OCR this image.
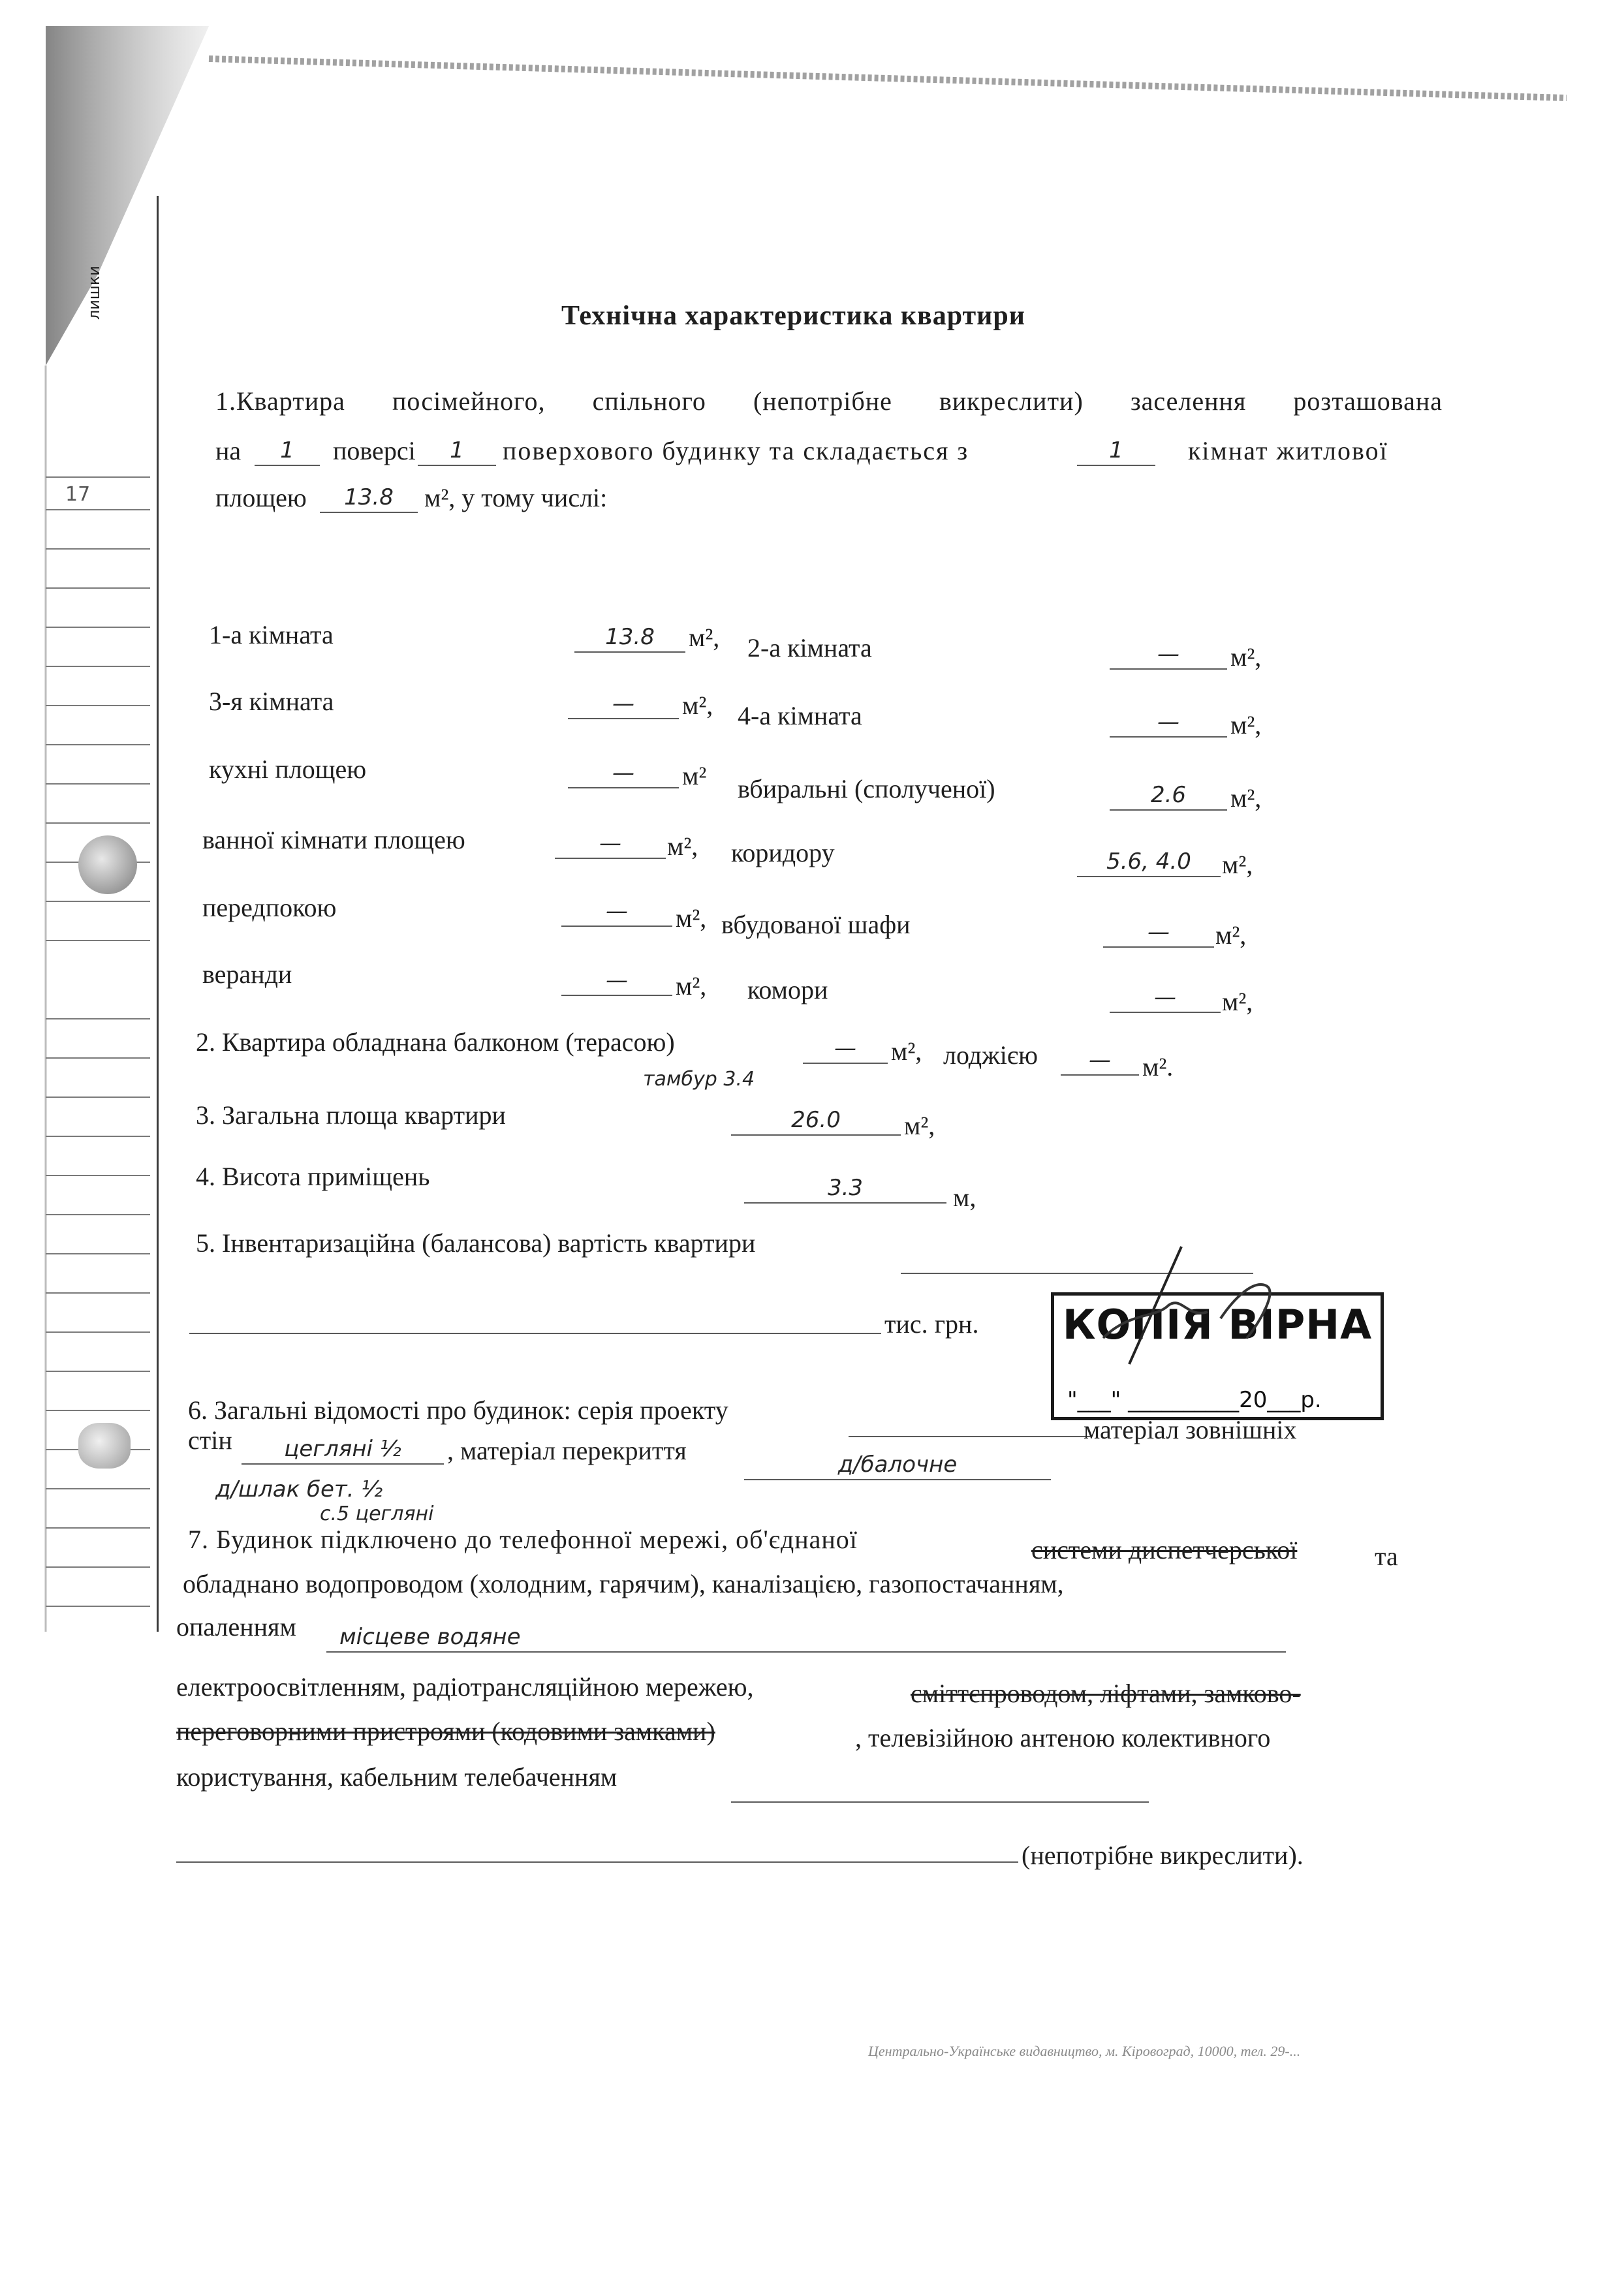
лишки
17
Технічна характеристика квартири
1.Квартира посімейного, спільного (непотрібне викреслити) заселення розташована
на	1	поверсі	1	поверхового будинку та складається з	1	кімнат житлової
площею	13.8	м², у тому числі:
1-а кімната	13.8	м², 2-а кімната	—	м²,
3-я кімната	—	м², 4-а кімната	—	м²,
кухні площею	—	м² вбиральні (сполученої)	2.6	м²,
ванної кімнати площею	—	м², коридору	5.6, 4.0	м²,
передпокою	—	м², вбудованої шафи	—	м²,
веранди	—	м², комори	—	м²,
2. Квартира обладнана балконом (терасою)	—	м², лоджією	—	м².
тамбур 3.4
3. Загальна площа квартири	26.0	м²,
4. Висота приміщень	3.3	м,
5. Інвентаризаційна (балансова) вартість квартири
тис. грн. КОПІЯ ВІРНА
"___" __________20___р.
6. Загальні відомості про будинок: серія проекту
матеріал зовнішніх
стін	цегляні ½	, матеріал перекриття	д/балочне
д/шлак бет. ½
с.5 цегляні
7. Будинок підключено до телефонної мережі, об'єднаної	системи диспетчерської	та
обладнано водопроводом (холодним, гарячим), каналізацією, газопостачанням,
опаленням місцеве водяне
електроосвітленням, радіотрансляційною мережею,	сміттєпроводом, ліфтами, замково-
переговорними пристроями (кодовими замками)	, телевізійною антеною колективного
користування, кабельним телебаченням
(непотрібне викреслити).
Центрально-Українське видавництво, м. Кіровоград, 10000, тел. 29-...
